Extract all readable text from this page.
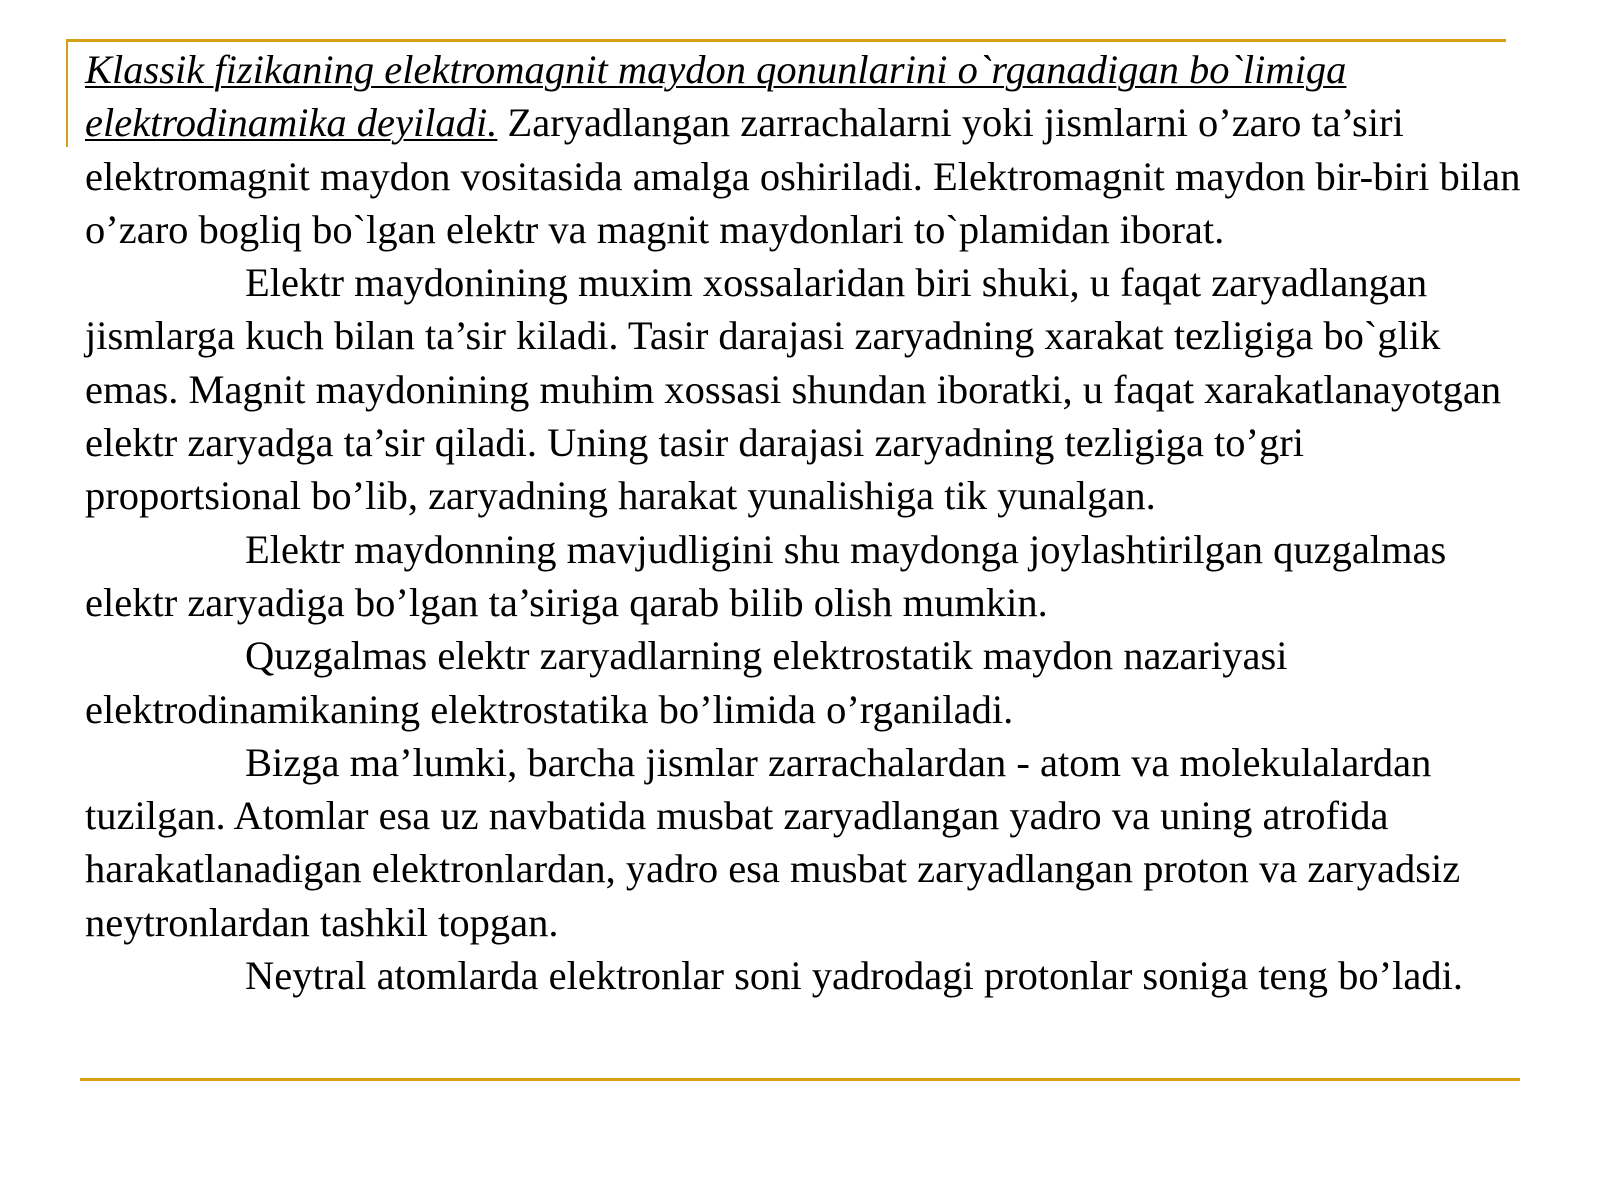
Klassik fizikaning elektromagnit maydon qonunlarini o`rganadigan bo`limiga elektrodinamika deyiladi. Zaryadlangan zarrachalarni yoki jismlarni o’zaro ta’siri elektromagnit maydon vositasida amalga oshiriladi. Elektromagnit maydon bir-biri bilan o’zaro bogliq bo`lgan elektr va magnit maydonlari to`plamidan iborat.

Elektr maydonining muxim xossalaridan biri shuki, u faqat zaryadlangan jismlarga kuch bilan ta’sir kiladi. Tasir darajasi zaryadning xarakat tezligiga bo`glik emas. Magnit maydonining muhim xossasi shundan iboratki, u faqat xarakatlanayotgan elektr zaryadga ta’sir qiladi. Uning tasir darajasi zaryadning tezligiga to’gri proportsional bo’lib, zaryadning harakat yunalishiga tik yunalgan.

Elektr maydonning mavjudligini shu maydonga joylashtirilgan quzgalmas elektr zaryadiga bo’lgan ta’siriga qarab bilib olish mumkin.

Quzgalmas elektr zaryadlarning elektrostatik maydon nazariyasi elektrodinamikaning elektrostatika bo’limida o’rganiladi.

Bizga ma’lumki, barcha jismlar zarrachalardan - atom va molekulalardan tuzilgan. Atomlar esa uz navbatida musbat zaryadlangan yadro va uning atrofida harakatlanadigan elektronlardan, yadro esa musbat zaryadlangan proton va zaryadsiz neytronlardan tashkil topgan.

Neytral atomlarda elektronlar soni yadrodagi protonlar soniga teng bo’ladi.
